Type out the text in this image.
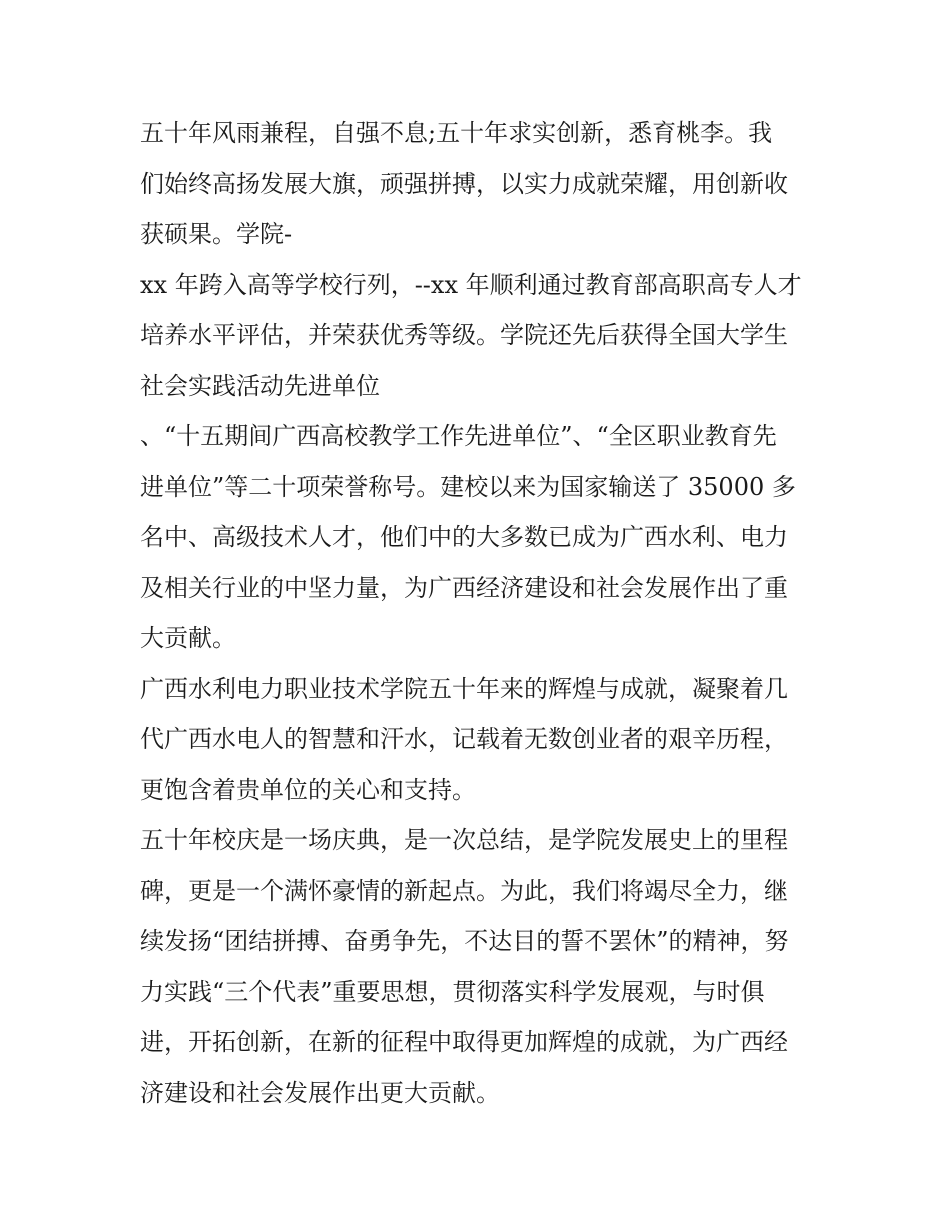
五十年风雨兼程，自强不息;五十年求实创新，悉育桃李。我
们始终高扬发展大旗，顽强拼搏，以实力成就荣耀，用创新收
获硕果。学院-
xx 年跨入高等学校行列，--xx 年顺利通过教育部高职高专人才
培养水平评估，并荣获优秀等级。学院还先后获得全国大学生
社会实践活动先进单位
、“十五期间广西高校教学工作先进单位”、“全区职业教育先
进单位”等二十项荣誉称号。建校以来为国家输送了 35000 多
名中、高级技术人才，他们中的大多数已成为广西水利、电力
及相关行业的中坚力量，为广西经济建设和社会发展作出了重
大贡献。
广西水利电力职业技术学院五十年来的辉煌与成就，凝聚着几
代广西水电人的智慧和汗水，记载着无数创业者的艰辛历程，
更饱含着贵单位的关心和支持。
五十年校庆是一场庆典，是一次总结，是学院发展史上的里程
碑，更是一个满怀豪情的新起点。为此，我们将竭尽全力，继
续发扬“团结拼搏、奋勇争先，不达目的誓不罢休”的精神，努
力实践“三个代表”重要思想，贯彻落实科学发展观，与时俱
进，开拓创新，在新的征程中取得更加辉煌的成就，为广西经
济建设和社会发展作出更大贡献。
